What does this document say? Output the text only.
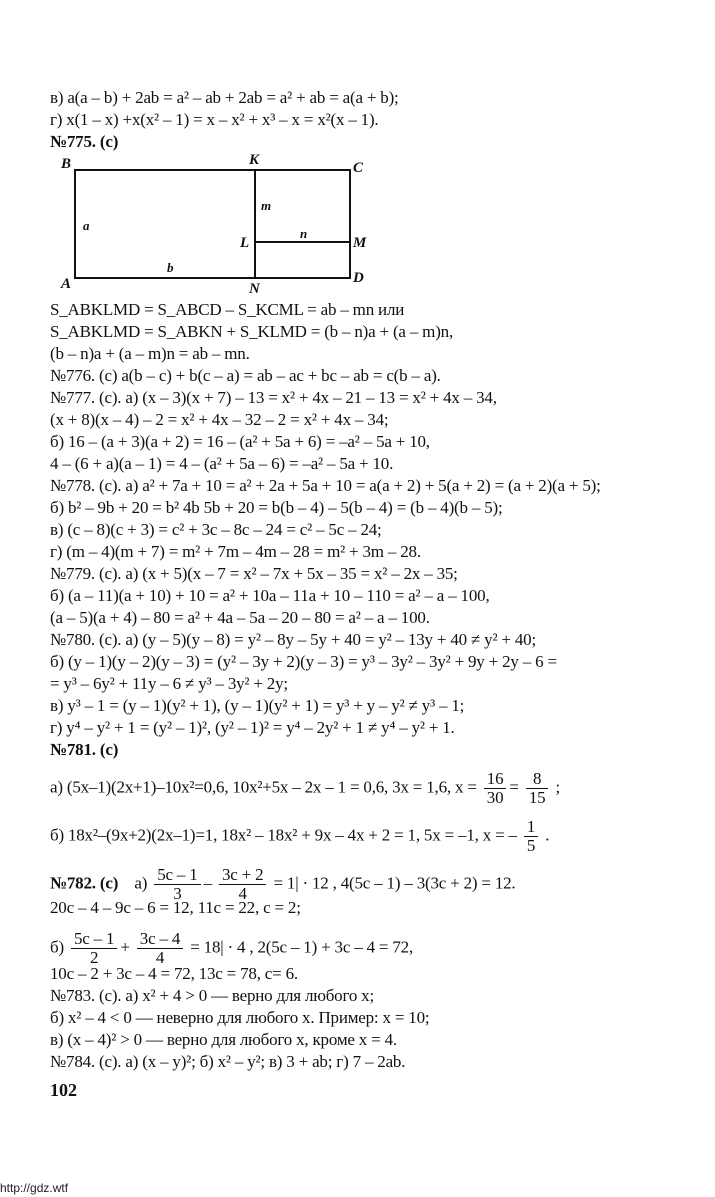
в) a(a – b) + 2ab = a² – ab + 2ab = a² + ab = a(a + b);
г) x(1 – x) +x(x² – 1) = x – x² + x³ – x = x²(x – 1).
№775. (с)
B	K	C
A	N
D
L	M
a
b
m
n
S_ABKLMD = S_ABCD – S_KCML = ab – mn или
S_ABKLMD = S_ABKN + S_KLMD = (b – n)a + (a – m)n,
(b – n)a + (a – m)n = ab – mn.
№776. (с) a(b – c) + b(c – a) = ab – ac + bc – ab = c(b – a).
№777. (с). а) (x – 3)(x + 7) – 13 = x² + 4x – 21 – 13 = x² + 4x – 34,
(x + 8)(x – 4) – 2 = x² + 4x – 32 – 2 = x² + 4x – 34;
б) 16 – (a + 3)(a + 2) = 16 – (a² + 5a + 6) = –a² – 5a + 10,
4 – (6 + a)(a – 1) = 4 – (a² + 5a – 6) = –a² – 5a + 10.
№778. (с). а) a² + 7a + 10 = a² + 2a + 5a + 10 = a(a + 2) + 5(a + 2) = (a + 2)(a + 5);
б) b² – 9b + 20 = b² 4b 5b + 20 = b(b – 4) – 5(b – 4) = (b – 4)(b – 5);
в) (c – 8)(c + 3) = c² + 3c – 8c – 24 = c² – 5c – 24;
г) (m – 4)(m + 7) = m² + 7m – 4m – 28 = m² + 3m – 28.
№779. (с). а) (x + 5)(x – 7 = x² – 7x + 5x – 35 = x² – 2x – 35;
б) (a – 11)(a + 10) + 10 = a² + 10a – 11a + 10 – 110 = a² – a – 100,
(a – 5)(a + 4) – 80 = a² + 4a – 5a – 20 – 80 = a² – a – 100.
№780. (с). а) (y – 5)(y – 8) = y² – 8y – 5y + 40 = y² – 13y + 40 ≠ y² + 40;
б) (y – 1)(y – 2)(y – 3) = (y² – 3y + 2)(y – 3) = y³ – 3y² – 3y² + 9y + 2y – 6 =
= y³ – 6y² + 11y – 6 ≠ y³ – 3y² + 2y;
в) y³ – 1 = (y – 1)(y² + 1), (y – 1)(y² + 1) = y³ + y – y² ≠ y³ – 1;
г) y⁴ – y² + 1 = (y² – 1)², (y² – 1)² = y⁴ – 2y² + 1 ≠ y⁴ – y² + 1.
№781. (с)
а) (5x–1)(2x+1)–10x²=0,6, 10x²+5x – 2x – 1 = 0,6, 3x = 1,6, $x = \frac{16}{30} = \frac{8}{15}$ ;
б) 18x²–(9x+2)(2x–1)=1, 18x² – 18x² + 9x – 4x + 2 = 1, 5x = –1, x = – $\frac{1}{5}$ .
№782. (с) $а) \frac{5c - 1}{3} - \frac{3c + 2}{4} = 1| \cdot 12$ , 4(5c – 1) – 3(3c + 2) = 12.
20c – 4 – 9c – 6 = 12, 11c = 22, c = 2;
$б) \frac{5c - 1}{2} + \frac{3c - 4}{4} = 18| \cdot 4$ , 2(5c – 1) + 3c – 4 = 72,
10c – 2 + 3c – 4 = 72, 13c = 78, c= 6.
№783. (с). а) x² + 4 > 0 — верно для любого x;
б) x² – 4 < 0 — неверно для любого x. Пример: x = 10;
в) (x – 4)² > 0 — верно для любого x, кроме x = 4.
№784. (с). а) (x – y)²; б) x² – y²; в) 3 + ab; г) 7 – 2ab.
102
http://gdz.wtf
